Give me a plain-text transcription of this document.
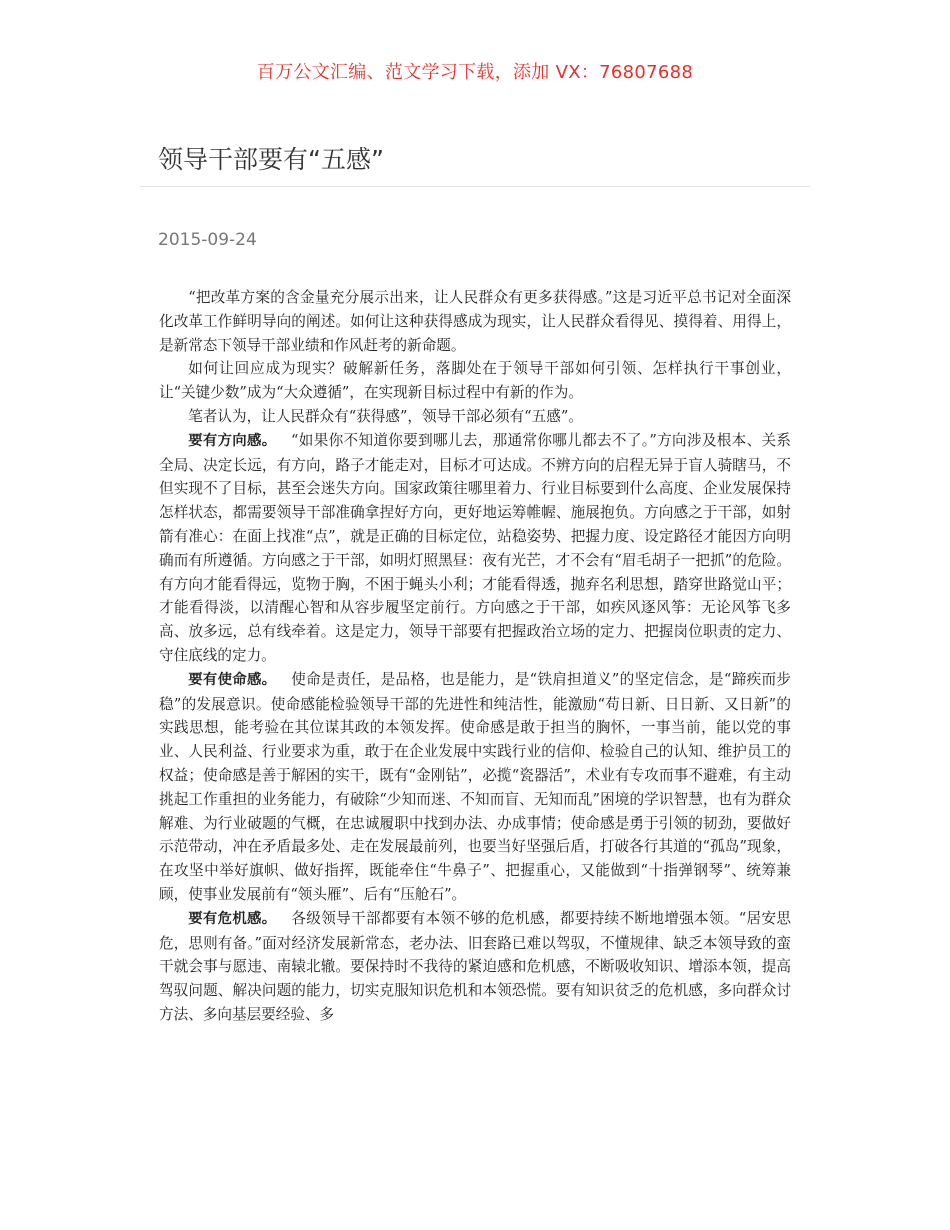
百万公文汇编、范文学习下载，添加 VX：76807688
领导干部要有“五感”
2015-09-24

“把改革方案的含金量充分展示出来，让人民群众有更多获得感。”这是习近平总书记对全面深化改革工作鲜明导向的阐述。如何让这种获得感成为现实，让人民群众看得见、摸得着、用得上，是新常态下领导干部业绩和作风赶考的新命题。

如何让回应成为现实？破解新任务，落脚处在于领导干部如何引领、怎样执行干事创业，让“关键少数”成为“大众遵循”，在实现新目标过程中有新的作为。

笔者认为，让人民群众有“获得感”，领导干部必须有“五感”。

要有方向感。  “如果你不知道你要到哪儿去，那通常你哪儿都去不了。”方向涉及根本、关系全局、决定长远，有方向，路子才能走对，目标才可达成。不辨方向的启程无异于盲人骑瞎马，不但实现不了目标，甚至会迷失方向。国家政策往哪里着力、行业目标要到什么高度、企业发展保持怎样状态，都需要领导干部准确拿捏好方向，更好地运筹帷幄、施展抱负。方向感之于干部，如射箭有准心：在面上找准“点”，就是正确的目标定位，站稳姿势、把握力度、设定路径才能因方向明确而有所遵循。方向感之于干部，如明灯照黑昼：夜有光芒，才不会有“眉毛胡子一把抓”的危险。有方向才能看得远，览物于胸，不困于蝇头小利；才能看得透，抛弃名利思想，踏穿世路觉山平；才能看得淡，以清醒心智和从容步履坚定前行。方向感之于干部，如疾风逐风筝：无论风筝飞多高、放多远，总有线牵着。这是定力，领导干部要有把握政治立场的定力、把握岗位职责的定力、守住底线的定力。

要有使命感。  使命是责任，是品格，也是能力，是“铁肩担道义”的坚定信念，是“蹄疾而步稳”的发展意识。使命感能检验领导干部的先进性和纯洁性，能激励“苟日新、日日新、又日新”的实践思想，能考验在其位谋其政的本领发挥。使命感是敢于担当的胸怀，一事当前，能以党的事业、人民利益、行业要求为重，敢于在企业发展中实践行业的信仰、检验自己的认知、维护员工的权益；使命感是善于解困的实干，既有“金刚钻”，必揽“瓷器活”，术业有专攻而事不避难，有主动挑起工作重担的业务能力，有破除“少知而迷、不知而盲、无知而乱”困境的学识智慧，也有为群众解难、为行业破题的气概，在忠诚履职中找到办法、办成事情；使命感是勇于引领的韧劲，要做好示范带动，冲在矛盾最多处、走在发展最前列，也要当好坚强后盾，打破各行其道的“孤岛”现象，在攻坚中举好旗帜、做好指挥，既能牵住“牛鼻子”、把握重心，又能做到“十指弹钢琴”、统筹兼顾，使事业发展前有“领头雁”、后有“压舱石”。

要有危机感。  各级领导干部都要有本领不够的危机感，都要持续不断地增强本领。“居安思危，思则有备。”面对经济发展新常态，老办法、旧套路已难以驾驭，不懂规律、缺乏本领导致的蛮干就会事与愿违、南辕北辙。要保持时不我待的紧迫感和危机感，不断吸收知识、增添本领，提高驾驭问题、解决问题的能力，切实克服知识危机和本领恐慌。要有知识贫乏的危机感，多向群众讨方法、多向基层要经验、多
